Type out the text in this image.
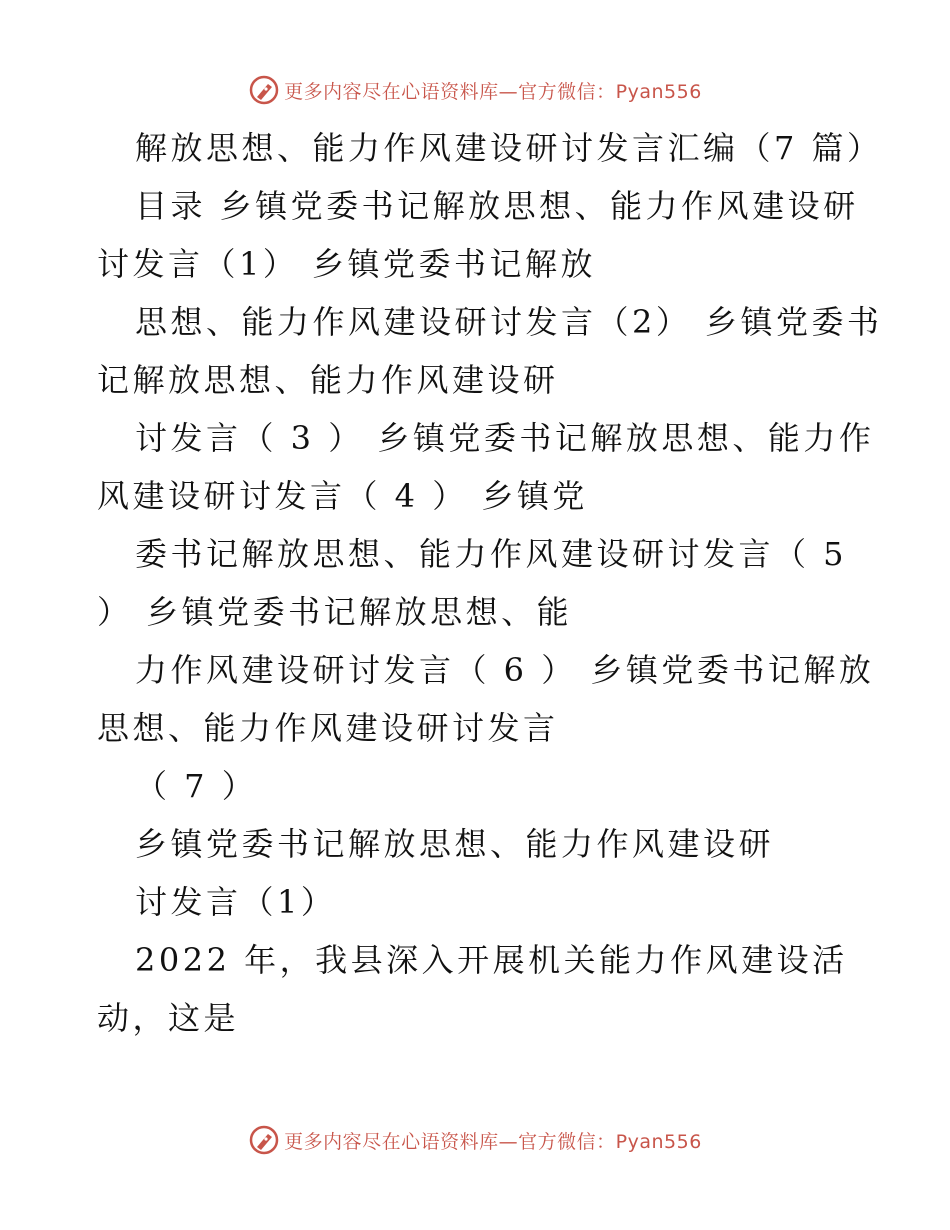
更多内容尽在心语资料库—官方微信：Pyan556
解放思想、能力作风建设研讨发言汇编（7 篇）
目录 乡镇党委书记解放思想、能力作风建设研
讨发言（1） 乡镇党委书记解放
思想、能力作风建设研讨发言（2） 乡镇党委书
记解放思想、能力作风建设研
讨发言（ 3 ） 乡镇党委书记解放思想、能力作
风建设研讨发言（ 4 ） 乡镇党
委书记解放思想、能力作风建设研讨发言（ 5
） 乡镇党委书记解放思想、能
力作风建设研讨发言（ 6 ） 乡镇党委书记解放
思想、能力作风建设研讨发言
（ 7 ）
乡镇党委书记解放思想、能力作风建设研
讨发言（1）
2022 年，我县深入开展机关能力作风建设活
动，这是
更多内容尽在心语资料库—官方微信：Pyan556
